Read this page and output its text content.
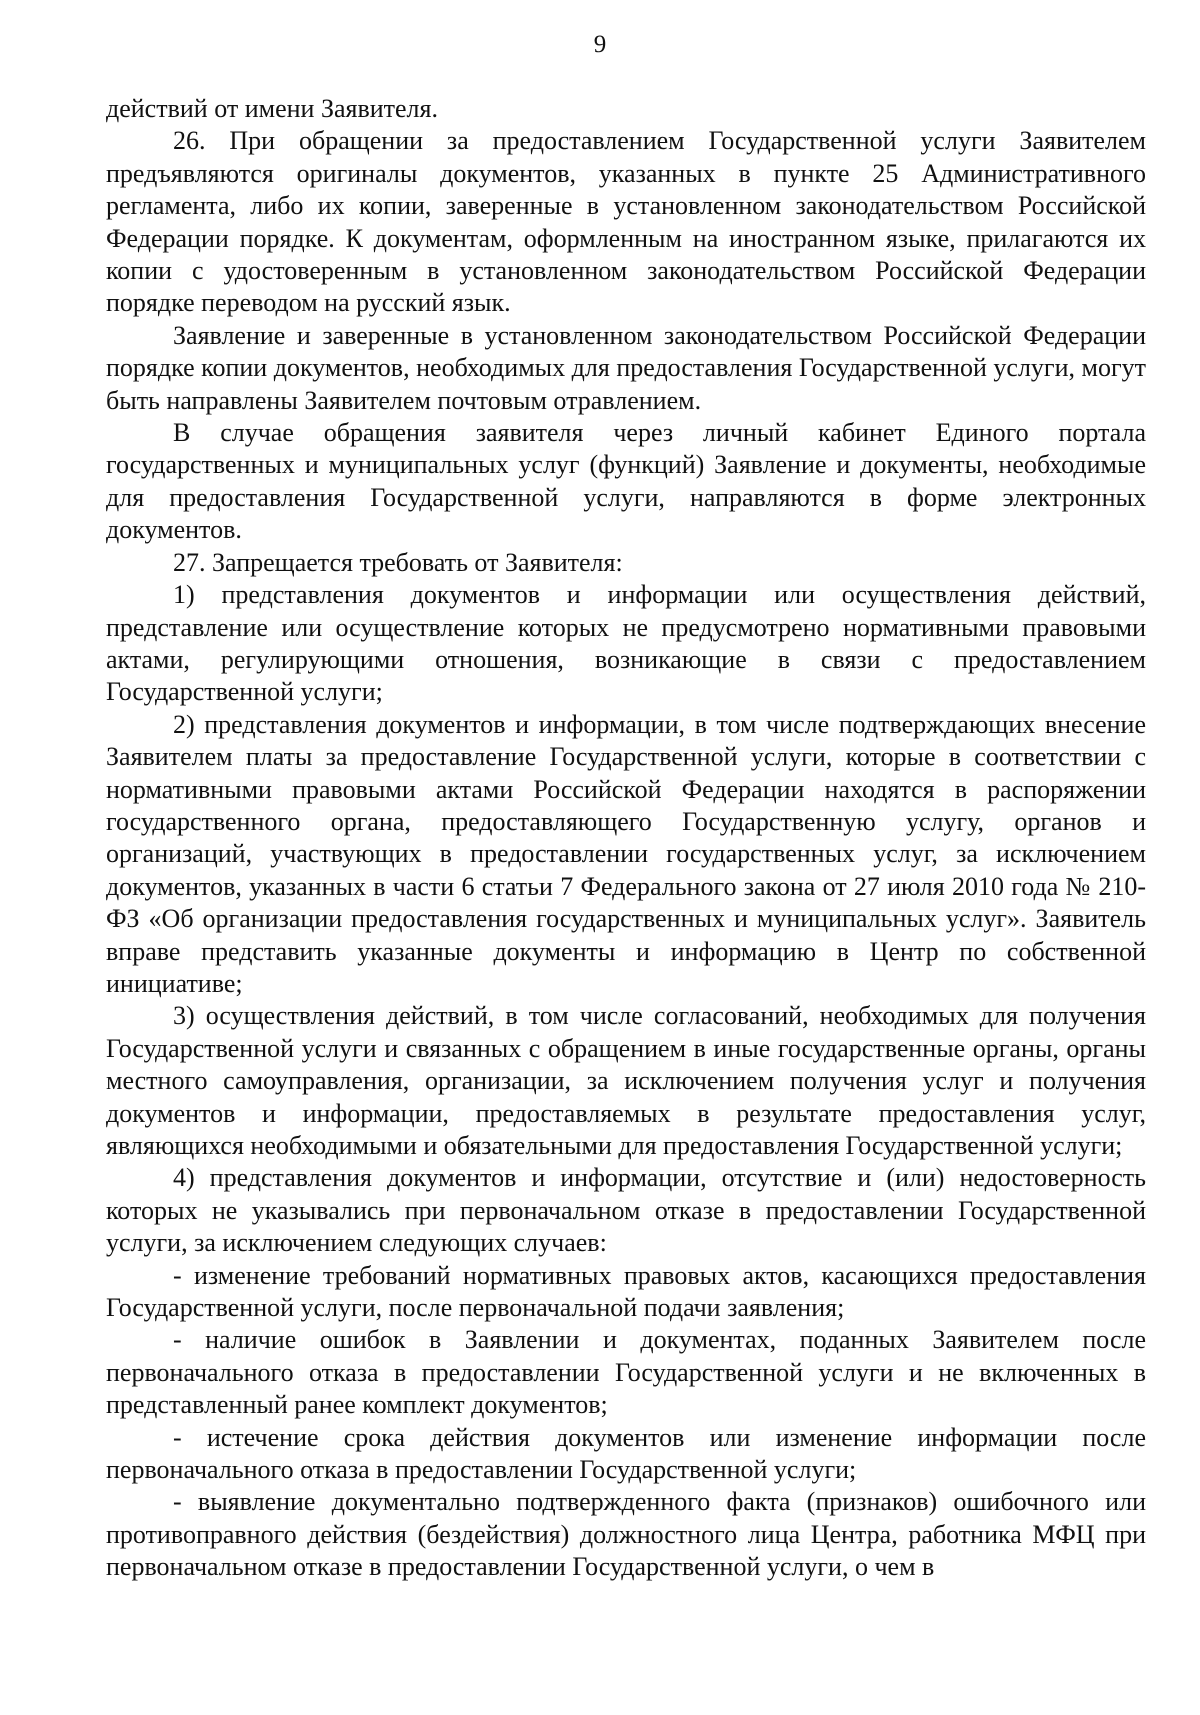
9

действий от имени Заявителя.

26. При обращении за предоставлением Государственной услуги Заявителем предъявляются оригиналы документов, указанных в пункте 25 Административного регламента, либо их копии, заверенные в установленном законодательством Российской Федерации порядке. К документам, оформленным на иностранном языке, прилагаются их копии с удостоверенным в установленном законодательством Российской Федерации порядке переводом на русский язык.

Заявление и заверенные в установленном законодательством Российской Федерации порядке копии документов, необходимых для предоставления Государственной услуги, могут быть направлены Заявителем почтовым отравлением.

В случае обращения заявителя через личный кабинет Единого портала государственных и муниципальных услуг (функций) Заявление и документы, необходимые для предоставления Государственной услуги, направляются в форме электронных документов.

27. Запрещается требовать от Заявителя:

1) представления документов и информации или осуществления действий, представление или осуществление которых не предусмотрено нормативными правовыми актами, регулирующими отношения, возникающие в связи с предоставлением Государственной услуги;

2) представления документов и информации, в том числе подтверждающих внесение Заявителем платы за предоставление Государственной услуги, которые в соответствии с нормативными правовыми актами Российской Федерации находятся в распоряжении государственного органа, предоставляющего Государственную услугу, органов и организаций, участвующих в предоставлении государственных услуг, за исключением документов, указанных в части 6 статьи 7 Федерального закона от 27 июля 2010 года № 210-ФЗ «Об организации предоставления государственных и муниципальных услуг». Заявитель вправе представить указанные документы и информацию в Центр по собственной инициативе;

3) осуществления действий, в том числе согласований, необходимых для получения Государственной услуги и связанных с обращением в иные государственные органы, органы местного самоуправления, организации, за исключением получения услуг и получения документов и информации, предоставляемых в результате предоставления услуг, являющихся необходимыми и обязательными для предоставления Государственной услуги;

4) представления документов и информации, отсутствие и (или) недостоверность которых не указывались при первоначальном отказе в предоставлении Государственной услуги, за исключением следующих случаев:

- изменение требований нормативных правовых актов, касающихся предоставления Государственной услуги, после первоначальной подачи заявления;

- наличие ошибок в Заявлении и документах, поданных Заявителем после первоначального отказа в предоставлении Государственной услуги и не включенных в представленный ранее комплект документов;

- истечение срока действия документов или изменение информации после первоначального отказа в предоставлении Государственной услуги;

- выявление документально подтвержденного факта (признаков) ошибочного или противоправного действия (бездействия) должностного лица Центра, работника МФЦ при первоначальном отказе в предоставлении Государственной услуги, о чем в
